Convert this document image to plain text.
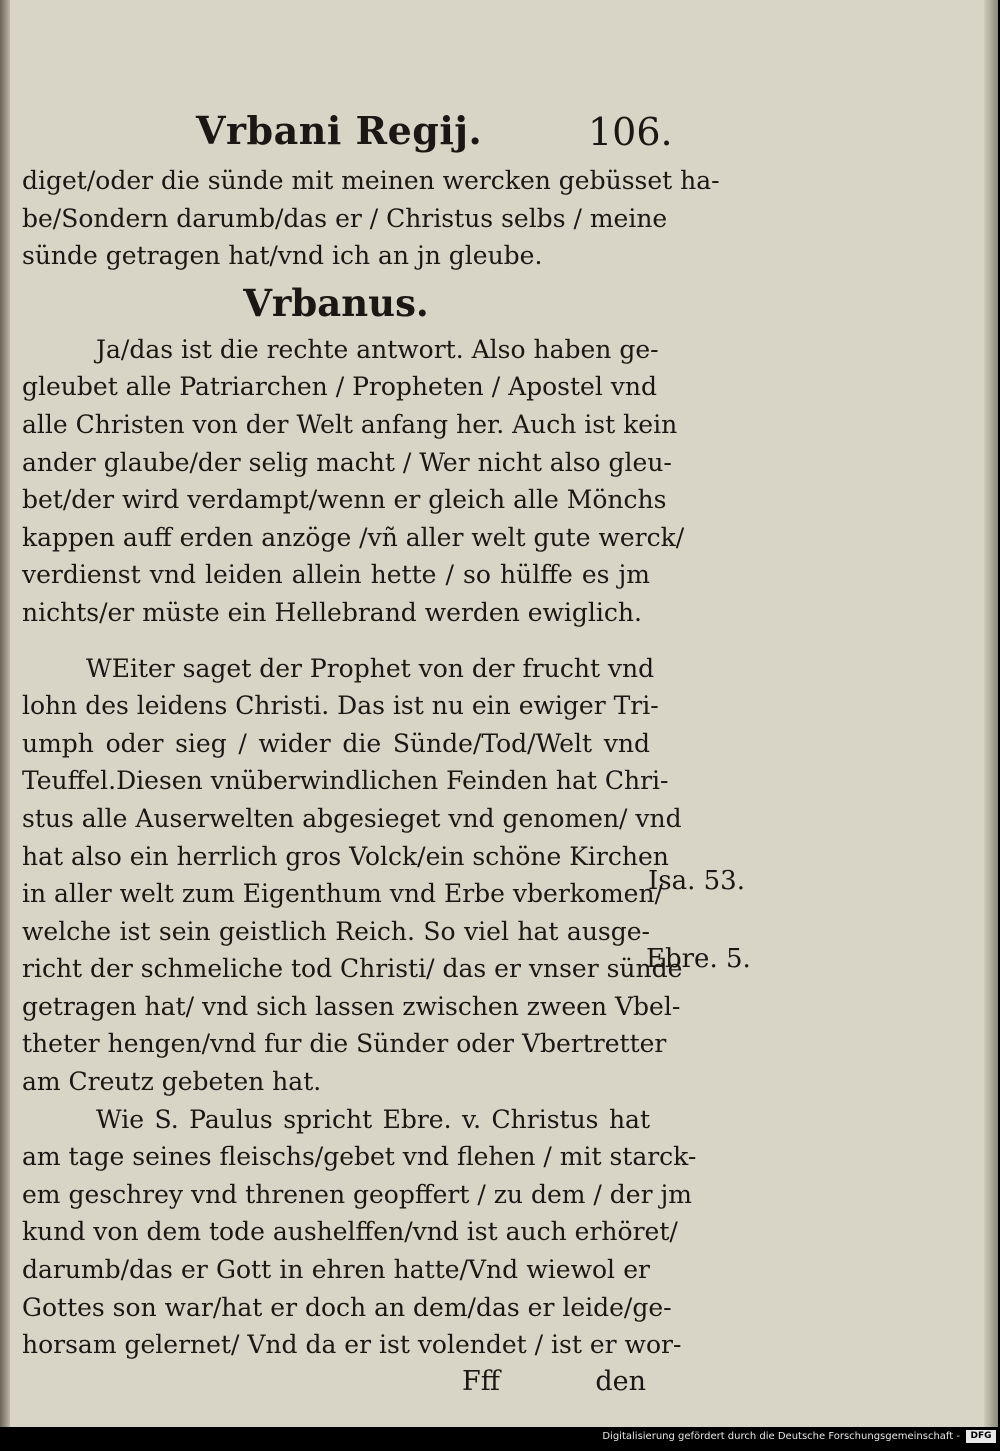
Vrbani Regij.	106.
diget/oder die sünde mit meinen wercken gebüsset ha-
be/Sondern darumb/das er / Christus selbs / meine
sünde getragen hat/vnd ich an jn gleube.
Vrbanus.
Ja/das ist die rechte antwort. Also haben ge-
gleubet alle Patriarchen / Propheten / Apostel vnd
alle Christen von der Welt anfang her. Auch ist kein
ander glaube/der selig macht / Wer nicht also gleu-
bet/der wird verdampt/wenn er gleich alle Mönchs
kappen auff erden anzöge /vñ aller welt gute werck/
verdienst vnd leiden allein hette / so hülffe es jm
nichts/er müste ein Hellebrand werden ewiglich.
WEiter saget der Prophet von der frucht vnd
lohn des leidens Christi. Das ist nu ein ewiger Tri-
umph oder sieg / wider die Sünde/Tod/Welt vnd
Teuffel.Diesen vnüberwindlichen Feinden hat Chri-
stus alle Auserwelten abgesieget vnd genomen/ vnd
hat also ein herrlich gros Volck/ein schöne Kirchen
in aller welt zum Eigenthum vnd Erbe vberkomen/
welche ist sein geistlich Reich. So viel hat ausge-
richt der schmeliche tod Christi/ das er vnser sünde
getragen hat/ vnd sich lassen zwischen zween Vbel-
theter hengen/vnd fur die Sünder oder Vbertretter
am Creutz gebeten hat.
Wie S. Paulus spricht Ebre. v. Christus hat
am tage seines fleischs/gebet vnd flehen / mit starck-
em geschrey vnd threnen geopffert / zu dem / der jm
kund von dem tode aushelffen/vnd ist auch erhöret/
darumb/das er Gott in ehren hatte/Vnd wiewol er
Gottes son war/hat er doch an dem/das er leide/ge-
horsam gelernet/ Vnd da er ist volendet / ist er wor-
Fff	den
Isa. 53.
Ebre. 5.
Digitalisierung gefördert durch die Deutsche Forschungsgemeinschaft -	DFG
